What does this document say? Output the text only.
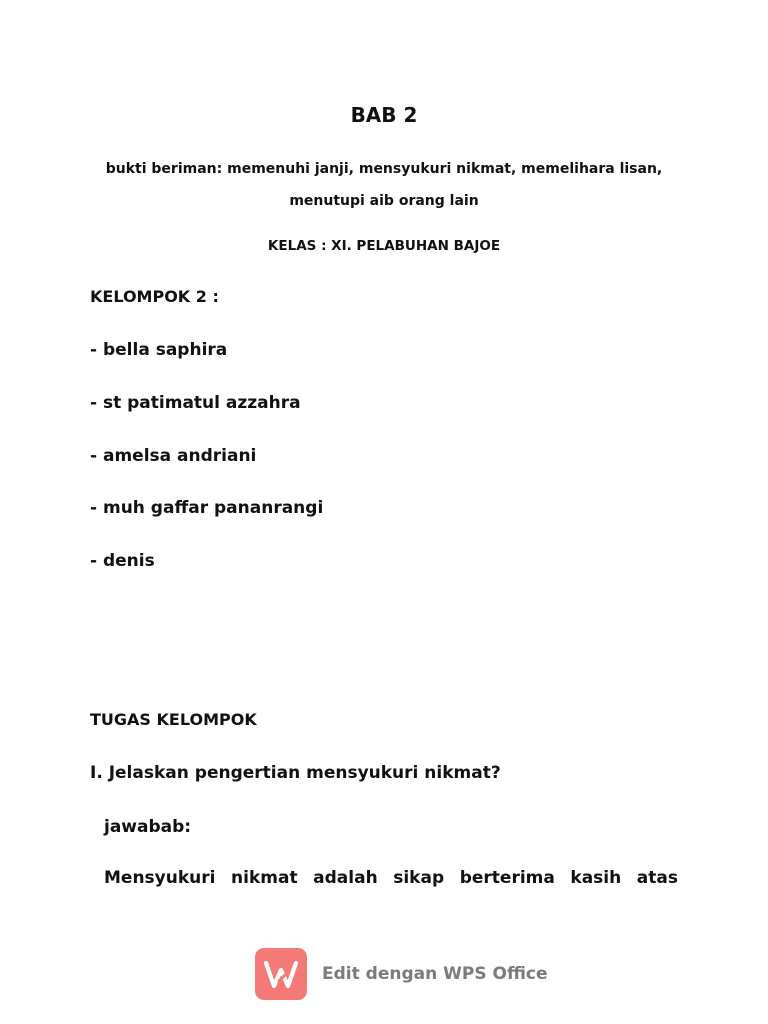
BAB 2
bukti beriman: memenuhi janji, mensyukuri nikmat, memelihara lisan,
menutupi aib orang lain
KELAS : XI. PELABUHAN BAJOE
KELOMPOK 2 :
- bella saphira
- st patimatul azzahra
- amelsa andriani
- muh gaffar pananrangi
- denis
TUGAS KELOMPOK
I. Jelaskan pengertian mensyukuri nikmat?
jawabab:
Mensyukuri nikmat adalah sikap berterima kasih atas
Edit dengan WPS Office
